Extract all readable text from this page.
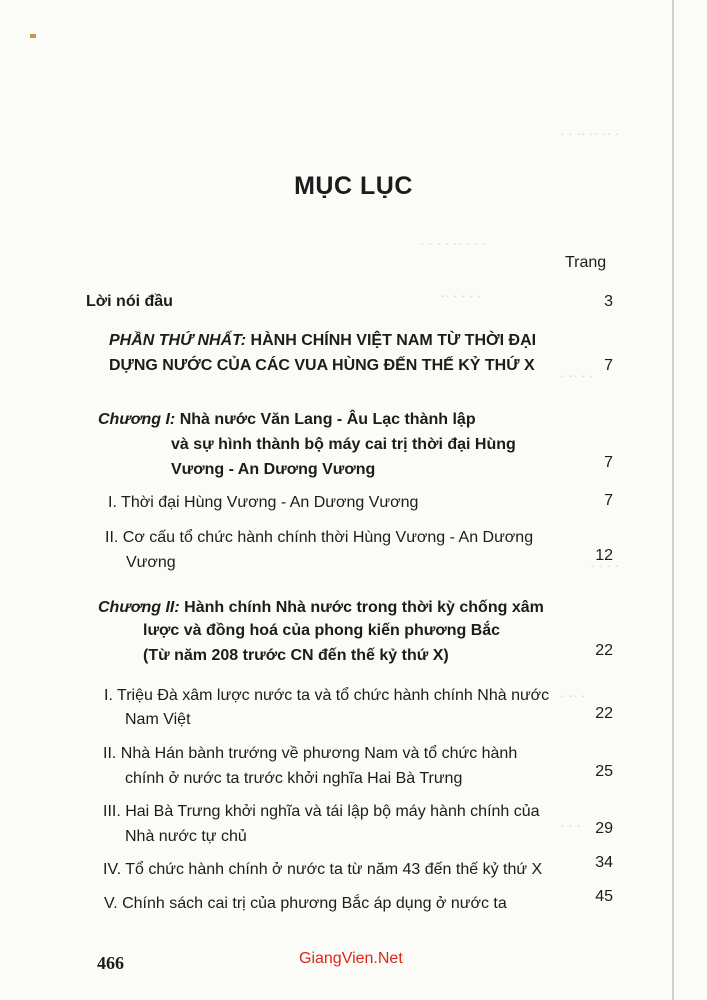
· · ·· ·· ·· ·
· · · · ·· · · ·
·· · · · ·
· ·· · ·
· · · ·
· ·· ·
· · ·
MỤC LỤC
Trang
Lời nói đầu	3
PHẦN THỨ NHẤT: HÀNH CHÍNH VIỆT NAM TỪ THỜI ĐẠI
DỰNG NƯỚC CỦA CÁC VUA HÙNG ĐẾN THẾ KỶ THỨ X	7
Chương I: Nhà nước Văn Lang - Âu Lạc thành lập
và sự hình thành bộ máy cai trị thời đại Hùng
Vương - An Dương Vương	7
I. Thời đại Hùng Vương - An Dương Vương	7
II. Cơ cấu tổ chức hành chính thời Hùng Vương - An Dương
Vương	12
Chương II: Hành chính Nhà nước trong thời kỳ chống xâm
lược và đồng hoá của phong kiến phương Bắc
(Từ năm 208 trước CN đến thế kỷ thứ X)	22
I. Triệu Đà xâm lược nước ta và tổ chức hành chính Nhà nước
Nam Việt	22
II. Nhà Hán bành trướng về phương Nam và tổ chức hành
chính ở nước ta trước khởi nghĩa Hai Bà Trưng	25
III. Hai Bà Trưng khởi nghĩa và tái lập bộ máy hành chính của
Nhà nước tự chủ	29
IV. Tổ chức hành chính ở nước ta từ năm 43 đến thế kỷ thứ X	34
V. Chính sách cai trị của phương Bắc áp dụng ở nước ta	45
466	GiangVien.Net
